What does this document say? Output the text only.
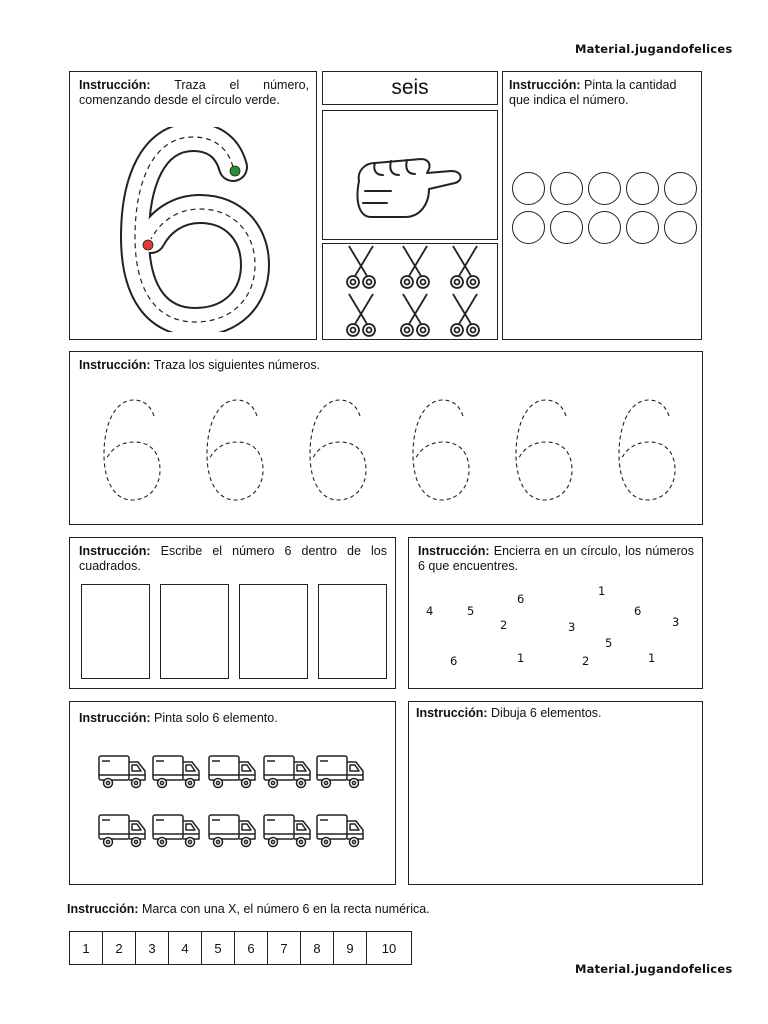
Material.jugandofelices
Instrucción: Traza el número, comenzando desde el círculo verde.
seis	Instrucción: Pinta la cantidad que indica el número.
Instrucción: Traza los siguientes números.
Instrucción: Escribe el número 6 dentro de los cuadrados.
Instrucción: Encierra en un círculo, los números 6 que encuentres.
4	5
6
2
1
3
6
5
3
6	1	2	1
Instrucción: Pinta solo 6 elemento.	Instrucción: Dibuja 6 elementos.
Instrucción: Marca con una X, el número 6 en la recta numérica.
1	2	3	4	5	6	7	8	9	10
Material.jugandofelices
